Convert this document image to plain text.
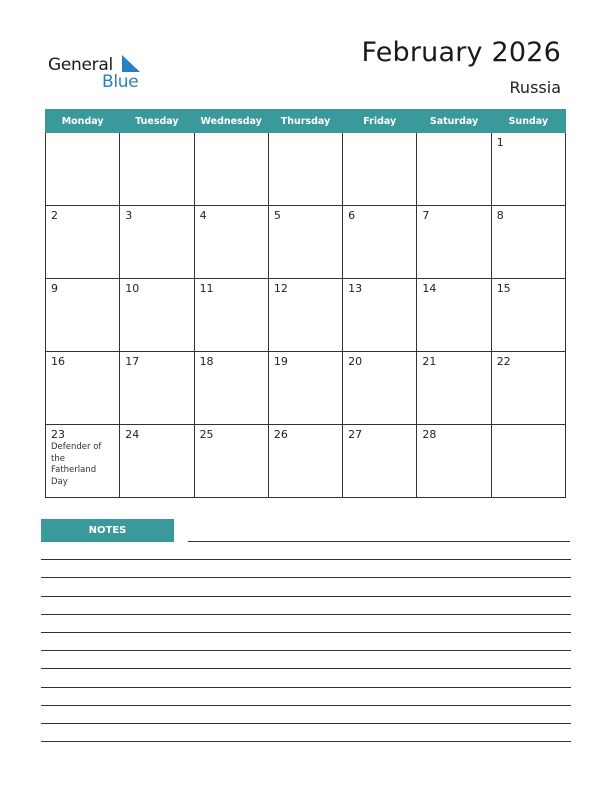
General
Blue
February 2026
Russia
Monday	Tuesday	Wednesday	Thursday	Friday	Saturday	Sunday

						1

2	3	4	5	6	7	8

9	10	11	12	13	14	15

16	17	18	19	20	21	22

23
Defender of the Fatherland Day	24	25	26	27	28	

NOTES
